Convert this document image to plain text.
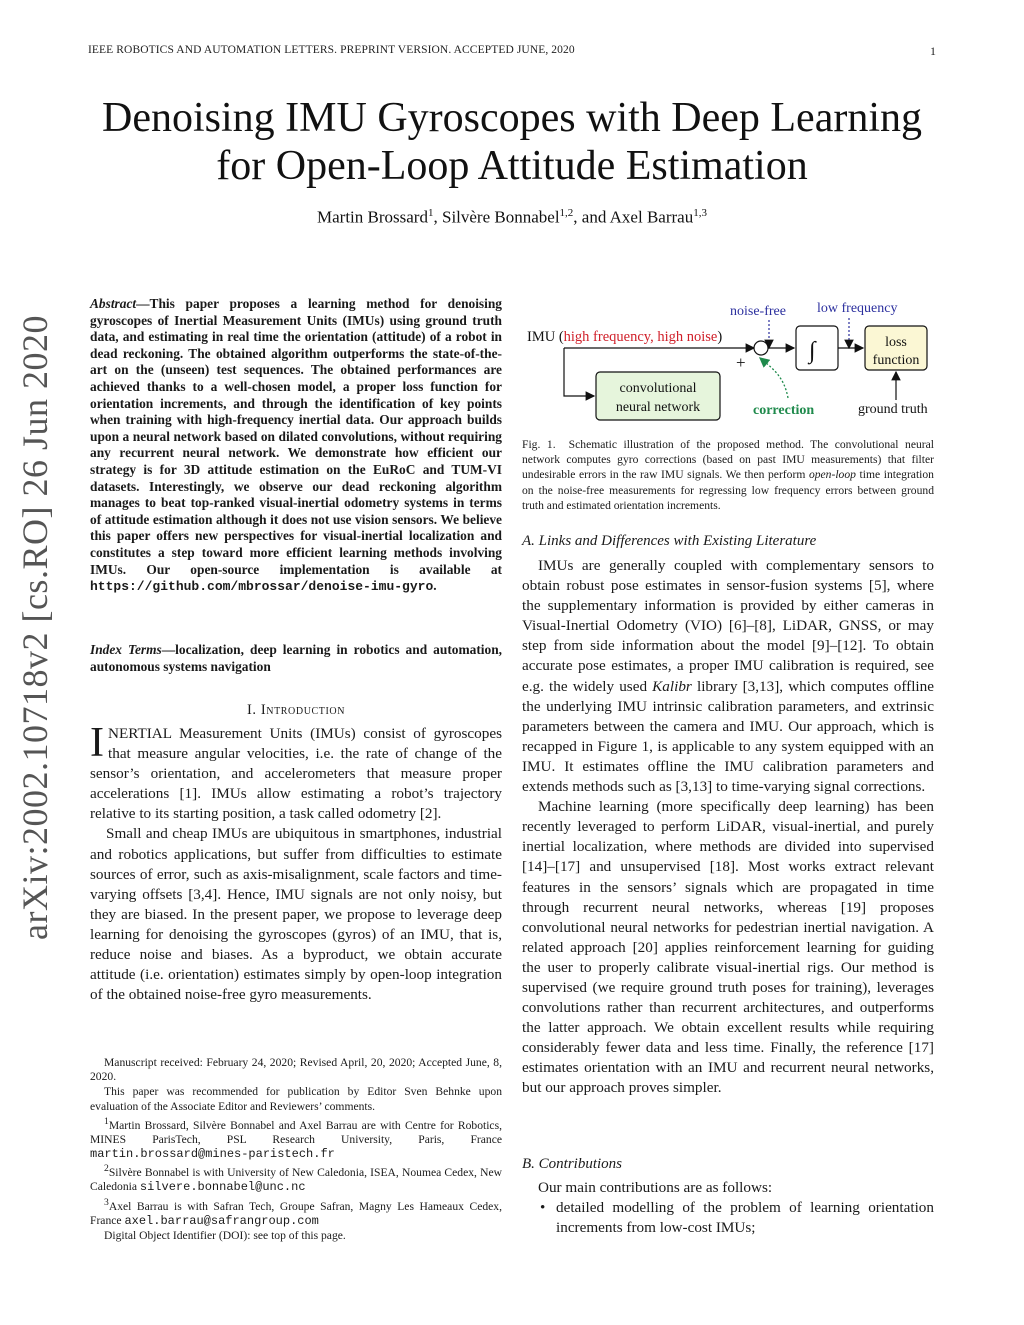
IEEE ROBOTICS AND AUTOMATION LETTERS. PREPRINT VERSION. ACCEPTED JUNE, 2020	1
arXiv:2002.10718v2 [cs.RO] 26 Jun 2020
Denoising IMU Gyroscopes with Deep Learning
for Open-Loop Attitude Estimation
Martin Brossard$^1$, Silvère Bonnabel$^{1,2}$, and Axel Barrau$^{1,3}$
Abstract—This paper proposes a learning method for denoising gyroscopes of Inertial Measurement Units (IMUs) using ground truth data, and estimating in real time the orientation (attitude) of a robot in dead reckoning. The obtained algorithm outperforms the state-of-the-art on the (unseen) test sequences. The obtained performances are achieved thanks to a well-chosen model, a proper loss function for orientation increments, and through the identification of key points when training with high-frequency inertial data. Our approach builds upon a neural network based on dilated convolutions, without requiring any recurrent neural network. We demonstrate how efficient our strategy is for 3D attitude estimation on the EuRoC and TUM-VI datasets. Interestingly, we observe our dead reckoning algorithm manages to beat top-ranked visual-inertial odometry systems in terms of attitude estimation although it does not use vision sensors. We believe this paper offers new perspectives for visual-inertial localization and constitutes a step toward more efficient learning methods involving IMUs. Our open-source implementation is available at https://github.com/mbrossar/denoise-imu-gyro.
Index Terms—localization, deep learning in robotics and automation, autonomous systems navigation
I. Introduction

INERTIAL Measurement Units (IMUs) consist of gyroscopes that measure angular velocities, i.e. the rate of change of the sensor’s orientation, and accelerometers that measure proper accelerations [1]. IMUs allow estimating a robot’s trajectory relative to its starting position, a task called odometry [2].

Small and cheap IMUs are ubiquitous in smartphones, industrial and robotics applications, but suffer from difficulties to estimate sources of error, such as axis-misalignment, scale factors and time-varying offsets [3,4]. Hence, IMU signals are not only noisy, but they are biased. In the present paper, we propose to leverage deep learning for denoising the gyroscopes (gyros) of an IMU, that is, reduce noise and biases. As a byproduct, we obtain accurate attitude (i.e. orientation) estimates simply by open-loop integration of the obtained noise-free gyro measurements.

Manuscript received: February 24, 2020; Revised April, 20, 2020; Accepted June, 8, 2020.

This paper was recommended for publication by Editor Sven Behnke upon evaluation of the Associate Editor and Reviewers’ comments.

$^1$Martin Brossard, Silvère Bonnabel and Axel Barrau are with Centre for Robotics, MINES ParisTech, PSL Research University, Paris, France martin.brossard@mines-paristech.fr

$^2$Silvère Bonnabel is with University of New Caledonia, ISEA, Noumea Cedex, New Caledonia silvere.bonnabel@unc.nc

$^3$Axel Barrau is with Safran Tech, Groupe Safran, Magny Les Hameaux Cedex, France axel.barrau@safrangroup.com

Digital Object Identifier (DOI): see top of this page.

noise-free low frequency
IMU (high frequency, high noise)
+	∫	loss
function
convolutional
neural network	correction	ground truth
Fig. 1. Schematic illustration of the proposed method. The convolutional neural network computes gyro corrections (based on past IMU measurements) that filter undesirable errors in the raw IMU signals. We then perform open-loop time integration on the noise-free measurements for regressing low frequency errors between ground truth and estimated orientation increments.
A. Links and Differences with Existing Literature

IMUs are generally coupled with complementary sensors to obtain robust pose estimates in sensor-fusion systems [5], where the supplementary information is provided by either cameras in Visual-Inertial Odometry (VIO) [6]–[8], LiDAR, GNSS, or may step from side information about the model [9]–[12]. To obtain accurate pose estimates, a proper IMU calibration is required, see e.g. the widely used Kalibr library [3,13], which computes offline the underlying IMU intrinsic calibration parameters, and extrinsic parameters between the camera and IMU. Our approach, which is recapped in Figure 1, is applicable to any system equipped with an IMU. It estimates offline the IMU calibration parameters and extends methods such as [3,13] to time-varying signal corrections.

Machine learning (more specifically deep learning) has been recently leveraged to perform LiDAR, visual-inertial, and purely inertial localization, where methods are divided into supervised [14]–[17] and unsupervised [18]. Most works extract relevant features in the sensors’ signals which are propagated in time through recurrent neural networks, whereas [19] proposes convolutional neural networks for pedestrian inertial navigation. A related approach [20] applies reinforcement learning for guiding the user to properly calibrate visual-inertial rigs. Our method is supervised (we require ground truth poses for training), leverages convolutions rather than recurrent architectures, and outperforms the latter approach. We obtain excellent results while requiring considerably fewer data and less time. Finally, the reference [17] estimates orientation with an IMU and recurrent neural networks, but our approach proves simpler.

B. Contributions
Our main contributions are as follows:
• detailed modelling of the problem of learning orientation increments from low-cost IMUs;
